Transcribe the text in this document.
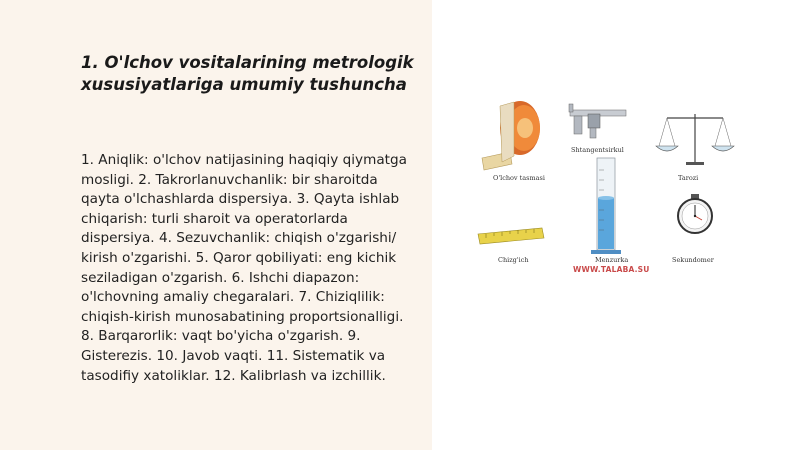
1. O'lchov vositalarining metrologik xususiyatlariga umumiy tushuncha
1. Aniqlik: o'lchov natijasining haqiqiy qiymatga mosligi. 2. Takrorlanuvchanlik: bir sharoitda qayta o'lchashlarda dispersiya. 3. Qayta ishlab chiqarish: turli sharoit va operatorlarda dispersiya. 4. Sezuvchanlik: chiqish o'zgarishi/ kirish o'zgarishi. 5. Qaror qobiliyati: eng kichik seziladigan o'zgarish. 6. Ishchi diapazon: o'lchovning amaliy chegaralari. 7. Chiziqlilik: chiqish-kirish munosabatining proportsionalligi. 8. Barqarorlik: vaqt bo'yicha o'zgarish. 9. Gisterezis. 10. Javob vaqti. 11. Sistematik va tasodifiy xatoliklar. 12. Kalibrlash va izchillik.
O'lchov tasmasi
Shtangentsirkul
Tarozi
Chizg'ich	Menzurka	Sekundomer
WWW.TALABA.SU
